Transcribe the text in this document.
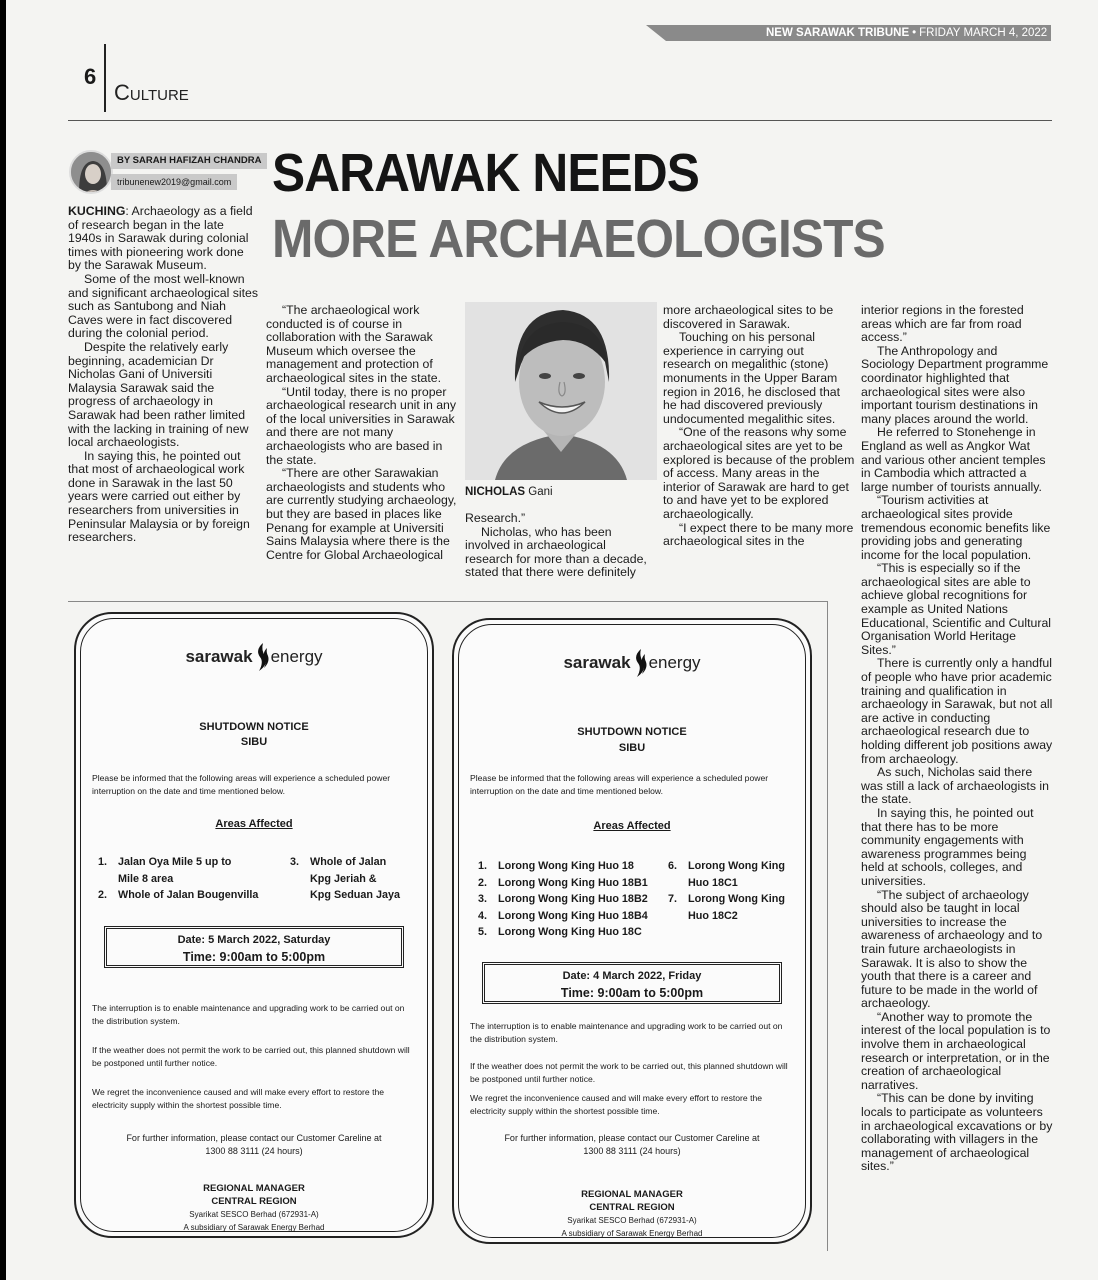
NEW SARAWAK TRIBUNE • FRIDAY MARCH 4, 2022
6
Culture
BY SARAH HAFIZAH CHANDRA
tribunenew2019@gmail.com SARAWAK NEEDS
MORE ARCHAEOLOGISTS

KUCHING: Archaeology as a field of research began in the late 1940s in Sarawak during colonial times with pioneering work done by the Sarawak Museum.

Some of the most well-known and significant archaeological sites such as Santubong and Niah Caves were in fact discovered during the colonial period.

Despite the relatively early beginning, academician Dr Nicholas Gani of Universiti Malaysia Sarawak said the progress of archaeology in Sarawak had been rather limited with the lacking in training of new local archaeologists.

In saying this, he pointed out that most of archaeological work done in Sarawak in the last 50 years were carried out either by researchers from universities in Peninsular Malaysia or by foreign researchers.

“The archaeological work conducted is of course in collaboration with the Sarawak Museum which oversee the management and protection of archaeological sites in the state.

“Until today, there is no proper archaeological research unit in any of the local universities in Sarawak and there are not many archaeologists who are based in the state.

“There are other Sarawakian archaeologists and students who are currently studying archaeology, but they are based in places like Penang for example at Universiti Sains Malaysia where there is the Centre for Global Archaeological

NICHOLAS Gani

Research.”

Nicholas, who has been involved in archaeological research for more than a decade, stated that there were definitely

more archaeological sites to be discovered in Sarawak.

Touching on his personal experience in carrying out research on megalithic (stone) monuments in the Upper Baram region in 2016, he disclosed that he had discovered previously undocumented megalithic sites.

“One of the reasons why some archaeological sites are yet to be explored is because of the problem of access. Many areas in the interior of Sarawak are hard to get to and have yet to be explored archaeologically.

“I expect there to be many more archaeological sites in the

interior regions in the forested areas which are far from road access.”

The Anthropology and Sociology Department programme coordinator highlighted that archaeological sites were also important tourism destinations in many places around the world.

He referred to Stonehenge in England as well as Angkor Wat and various other ancient temples in Cambodia which attracted a large number of tourists annually.

“Tourism activities at archaeological sites provide tremendous economic benefits like providing jobs and generating income for the local population.

“This is especially so if the archaeological sites are able to achieve global recognitions for example as United Nations Educational, Scientific and Cultural Organisation World Heritage Sites.”

There is currently only a handful of people who have prior academic training and qualification in archaeology in Sarawak, but not all are active in conducting archaeological research due to holding different job positions away from archaeology.

As such, Nicholas said there was still a lack of archaeologists in the state.

In saying this, he pointed out that there has to be more community engagements with awareness programmes being held at schools, colleges, and universities.

“The subject of archaeology should also be taught in local universities to increase the awareness of archaeology and to train future archaeologists in Sarawak. It is also to show the youth that there is a career and future to be made in the world of archaeology.

“Another way to promote the interest of the local population is to involve them in archaeological research or interpretation, or in the creation of archaeological narratives.

“This can be done by inviting locals to participate as volunteers in archaeological excavations or by collaborating with villagers in the management of archaeological sites.”

sarawak energy
SHUTDOWN NOTICE
SIBU
Please be informed that the following areas will experience a scheduled power interruption on the date and time mentioned below.
Areas Affected
1. Jalan Oya Mile 5 up to
Mile 8 area
2. Whole of Jalan Bougenvilla
3. Whole of Jalan
Kpg Jeriah &
Kpg Seduan Jaya
Date: 5 March 2022, Saturday
Time: 9:00am to 5:00pm
The interruption is to enable maintenance and upgrading work to be carried out on the distribution system.
If the weather does not permit the work to be carried out, this planned shutdown will be postponed until further notice.
We regret the inconvenience caused and will make every effort to restore the electricity supply within the shortest possible time.
For further information, please contact our Customer Careline at
1300 88 3111 (24 hours)
REGIONAL MANAGER
CENTRAL REGION
Syarikat SESCO Berhad (672931-A)
A subsidiary of Sarawak Energy Berhad
sarawak energy
SHUTDOWN NOTICE
SIBU
Please be informed that the following areas will experience a scheduled power interruption on the date and time mentioned below.
Areas Affected
1. Lorong Wong King Huo 18
2. Lorong Wong King Huo 18B1
3. Lorong Wong King Huo 18B2
4. Lorong Wong King Huo 18B4
5. Lorong Wong King Huo 18C
6. Lorong Wong King
Huo 18C1
7. Lorong Wong King
Huo 18C2
Date: 4 March 2022, Friday
Time: 9:00am to 5:00pm
The interruption is to enable maintenance and upgrading work to be carried out on the distribution system.
If the weather does not permit the work to be carried out, this planned shutdown will be postponed until further notice.
We regret the inconvenience caused and will make every effort to restore the electricity supply within the shortest possible time.
For further information, please contact our Customer Careline at
1300 88 3111 (24 hours)
REGIONAL MANAGER
CENTRAL REGION
Syarikat SESCO Berhad (672931-A)
A subsidiary of Sarawak Energy Berhad
